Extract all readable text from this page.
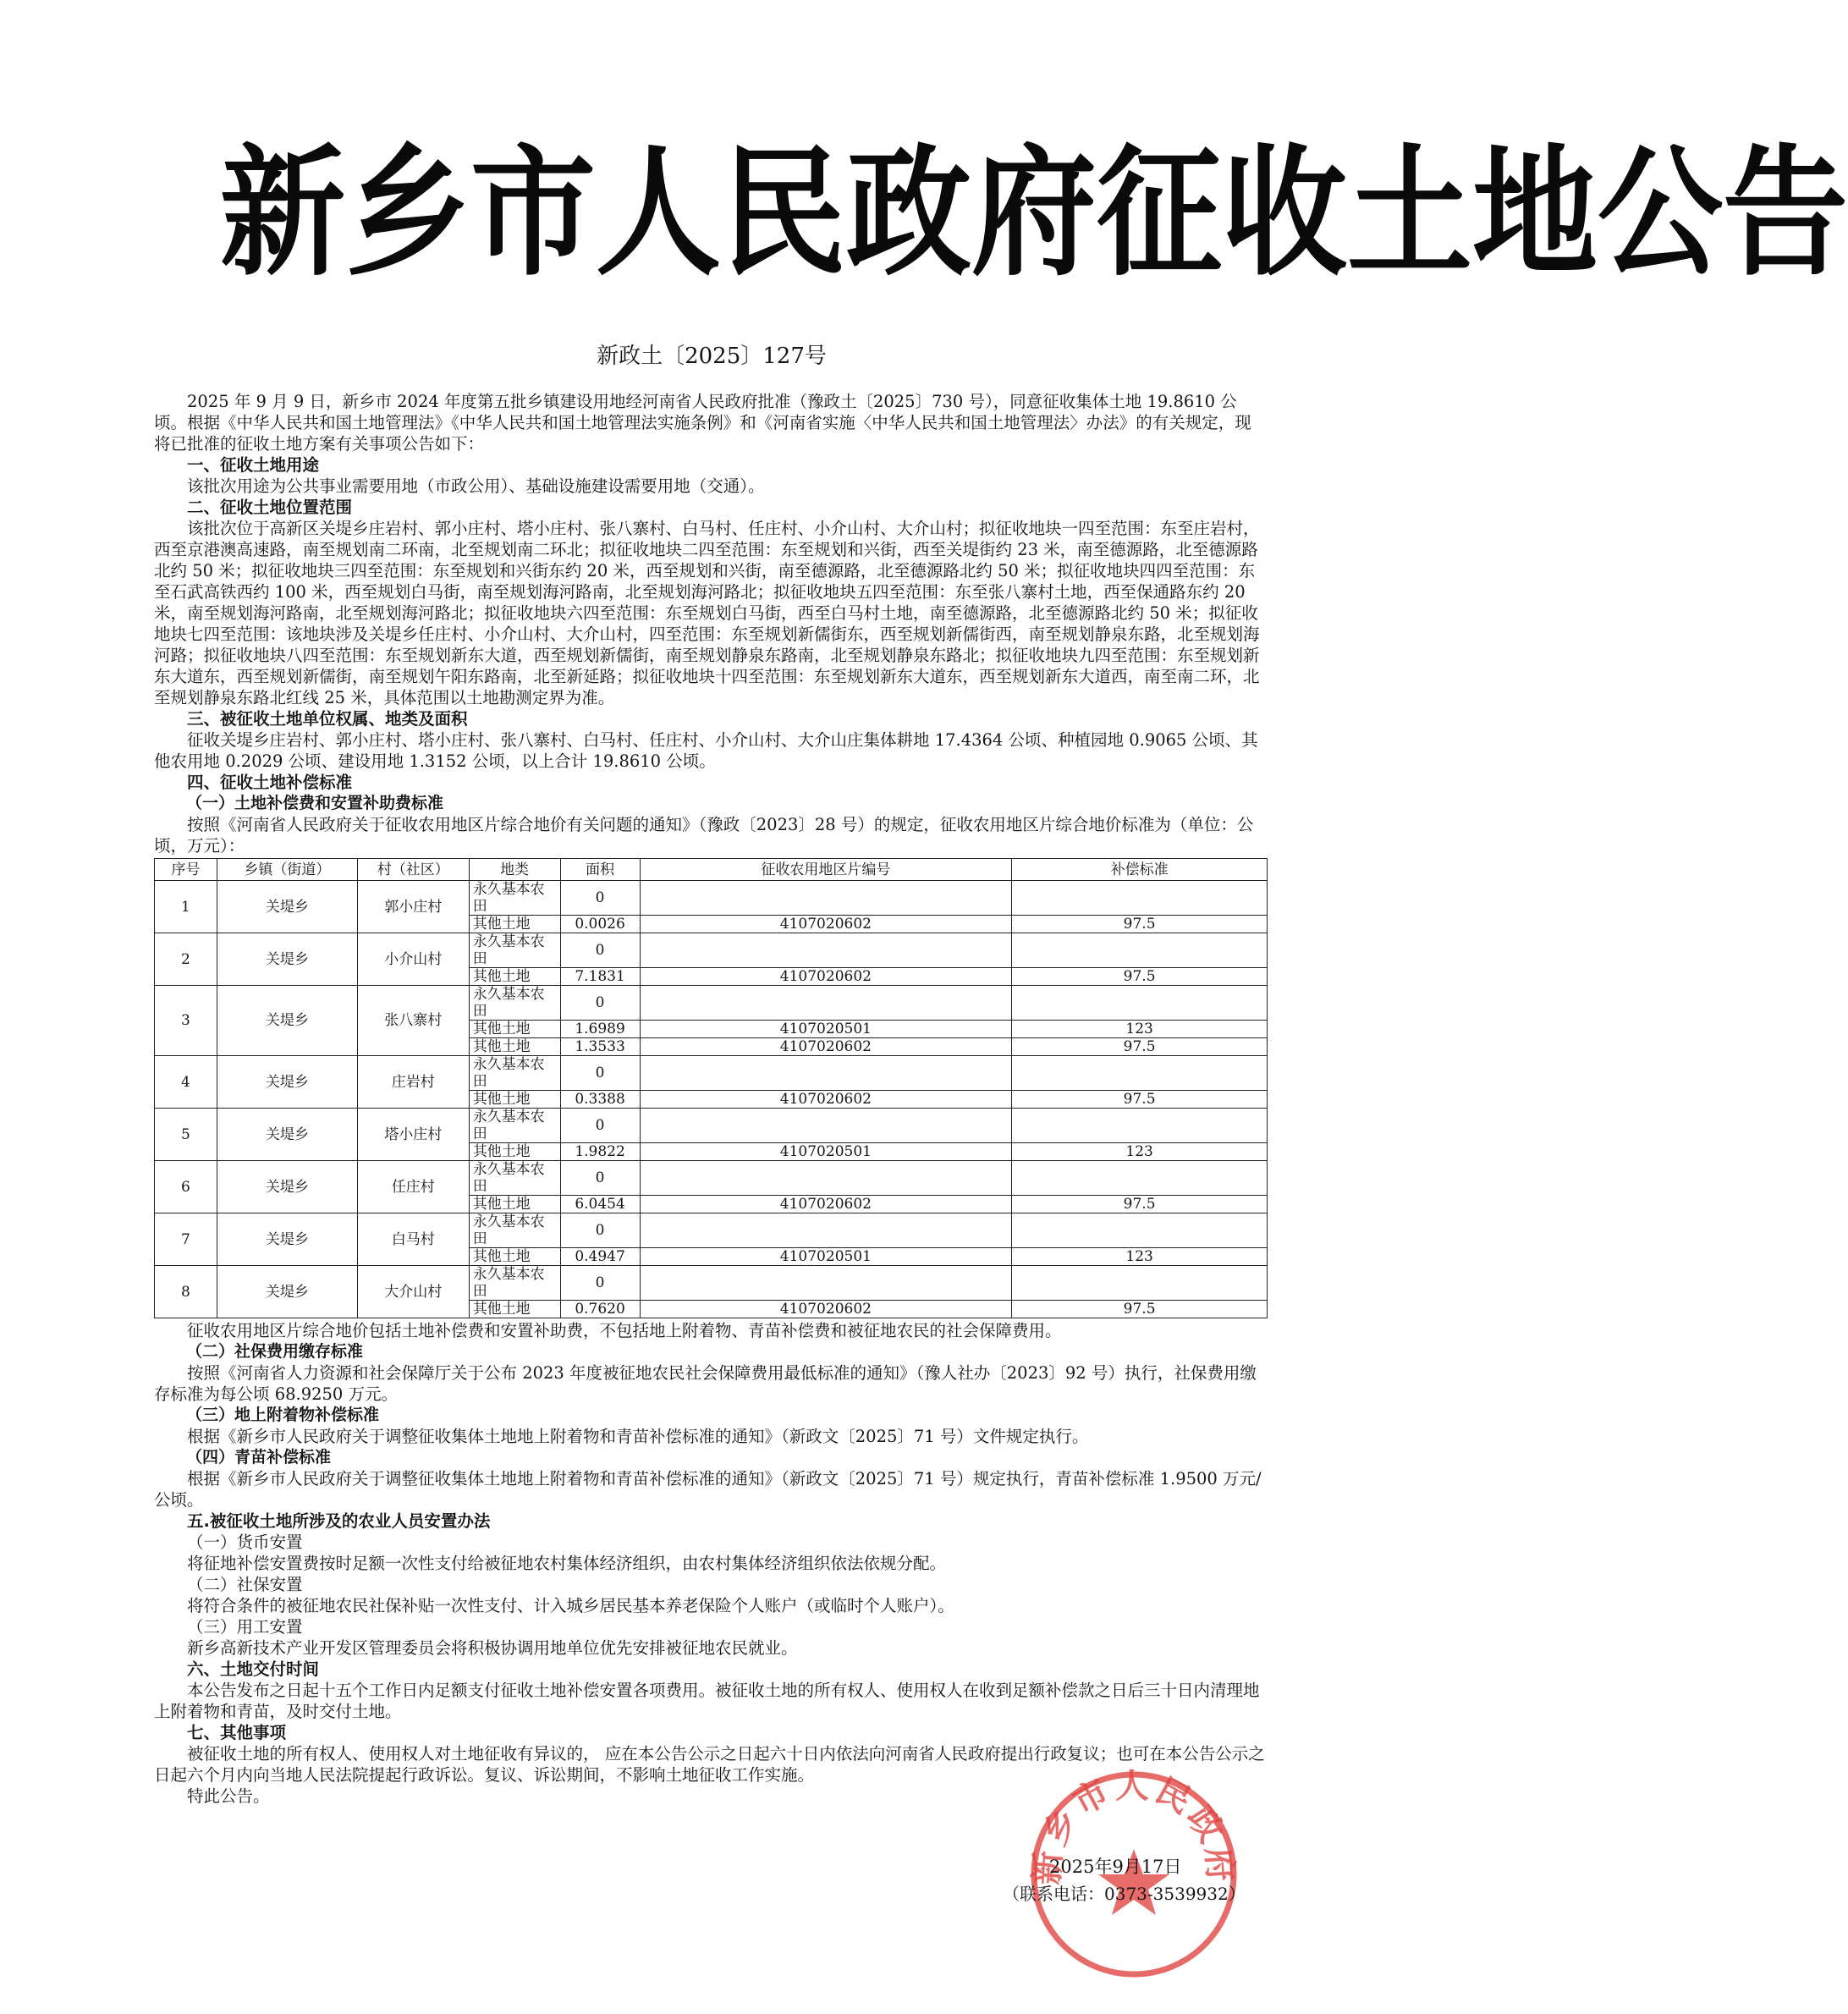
新乡市人民政府征收土地公告
新政土〔2025〕127号

2025 年 9 月 9 日，新乡市 2024 年度第五批乡镇建设用地经河南省人民政府批准（豫政土〔2025〕730 号），同意征收集体土地 19.8610 公顷。根据《中华人民共和国土地管理法》《中华人民共和国土地管理法实施条例》和《河南省实施〈中华人民共和国土地管理法〉办法》的有关规定，现将已批准的征收土地方案有关事项公告如下：

一、征收土地用途

该批次用途为公共事业需要用地（市政公用）、基础设施建设需要用地（交通）。

二、征收土地位置范围

该批次位于高新区关堤乡庄岩村、郭小庄村、塔小庄村、张八寨村、白马村、任庄村、小介山村、大介山村；拟征收地块一四至范围：东至庄岩村，西至京港澳高速路，南至规划南二环南，北至规划南二环北；拟征收地块二四至范围：东至规划和兴街，西至关堤街约 23 米，南至德源路，北至德源路北约 50 米；拟征收地块三四至范围：东至规划和兴街东约 20 米，西至规划和兴街，南至德源路，北至德源路北约 50 米；拟征收地块四四至范围：东至石武高铁西约 100 米，西至规划白马街，南至规划海河路南，北至规划海河路北；拟征收地块五四至范围：东至张八寨村土地，西至保通路东约 20 米，南至规划海河路南，北至规划海河路北；拟征收地块六四至范围：东至规划白马街，西至白马村土地，南至德源路，北至德源路北约 50 米；拟征收地块七四至范围：该地块涉及关堤乡任庄村、小介山村、大介山村，四至范围：东至规划新儒街东，西至规划新儒街西，南至规划静泉东路，北至规划海河路；拟征收地块八四至范围：东至规划新东大道，西至规划新儒街，南至规划静泉东路南，北至规划静泉东路北；拟征收地块九四至范围：东至规划新东大道东，西至规划新儒街，南至规划午阳东路南，北至新延路；拟征收地块十四至范围：东至规划新东大道东，西至规划新东大道西，南至南二环，北至规划静泉东路北红线 25 米，具体范围以土地勘测定界为准。

三、被征收土地单位权属、地类及面积

征收关堤乡庄岩村、郭小庄村、塔小庄村、张八寨村、白马村、任庄村、小介山村、大介山庄集体耕地 17.4364 公顷、种植园地 0.9065 公顷、其他农用地 0.2029 公顷、建设用地 1.3152 公顷，以上合计 19.8610 公顷。

四、征收土地补偿标准

（一）土地补偿费和安置补助费标准

按照《河南省人民政府关于征收农用地区片综合地价有关问题的通知》（豫政〔2023〕28 号）的规定，征收农用地区片综合地价标准为（单位：公顷，万元）：

序号	乡镇（街道）	村（社区）	地类	面积	征收农用地区片编号	补偿标准
1	关堤乡	郭小庄村	永久基本农田	0		
			其他土地	0.0026	4107020602	97.5
2	关堤乡	小介山村	永久基本农田	0		
			其他土地	7.1831	4107020602	97.5
3	关堤乡	张八寨村	永久基本农田	0		
			其他土地	1.6989	4107020501	123
			其他土地	1.3533	4107020602	97.5
4	关堤乡	庄岩村	永久基本农田	0		
			其他土地	0.3388	4107020602	97.5
5	关堤乡	塔小庄村	永久基本农田	0		
			其他土地	1.9822	4107020501	123
6	关堤乡	任庄村	永久基本农田	0		
			其他土地	6.0454	4107020602	97.5
7	关堤乡	白马村	永久基本农田	0		
			其他土地	0.4947	4107020501	123
8	关堤乡	大介山村	永久基本农田	0		
			其他土地	0.7620	4107020602	97.5

征收农用地区片综合地价包括土地补偿费和安置补助费，不包括地上附着物、青苗补偿费和被征地农民的社会保障费用。

（二）社保费用缴存标准

按照《河南省人力资源和社会保障厅关于公布 2023 年度被征地农民社会保障费用最低标准的通知》（豫人社办〔2023〕92 号）执行，社保费用缴存标准为每公顷 68.9250 万元。

（三）地上附着物补偿标准

根据《新乡市人民政府关于调整征收集体土地地上附着物和青苗补偿标准的通知》（新政文〔2025〕71 号）文件规定执行。

（四）青苗补偿标准

根据《新乡市人民政府关于调整征收集体土地地上附着物和青苗补偿标准的通知》（新政文〔2025〕71 号）规定执行，青苗补偿标准 1.9500 万元/公顷。

五.被征收土地所涉及的农业人员安置办法

（一）货币安置

将征地补偿安置费按时足额一次性支付给被征地农村集体经济组织，由农村集体经济组织依法依规分配。

（二）社保安置

将符合条件的被征地农民社保补贴一次性支付、计入城乡居民基本养老保险个人账户（或临时个人账户）。

（三）用工安置

新乡高新技术产业开发区管理委员会将积极协调用地单位优先安排被征地农民就业。

六、土地交付时间

本公告发布之日起十五个工作日内足额支付征收土地补偿安置各项费用。被征收土地的所有权人、使用权人在收到足额补偿款之日后三十日内清理地上附着物和青苗，及时交付土地。

七、其他事项

被征收土地的所有权人、使用权人对土地征收有异议的， 应在本公告公示之日起六十日内依法向河南省人民政府提出行政复议；也可在本公告公示之日起六个月内向当地人民法院提起行政诉讼。复议、诉讼期间，不影响土地征收工作实施。

特此公告。

新乡市人民政府
2025年9月17日
（联系电话：0373-3539932）
